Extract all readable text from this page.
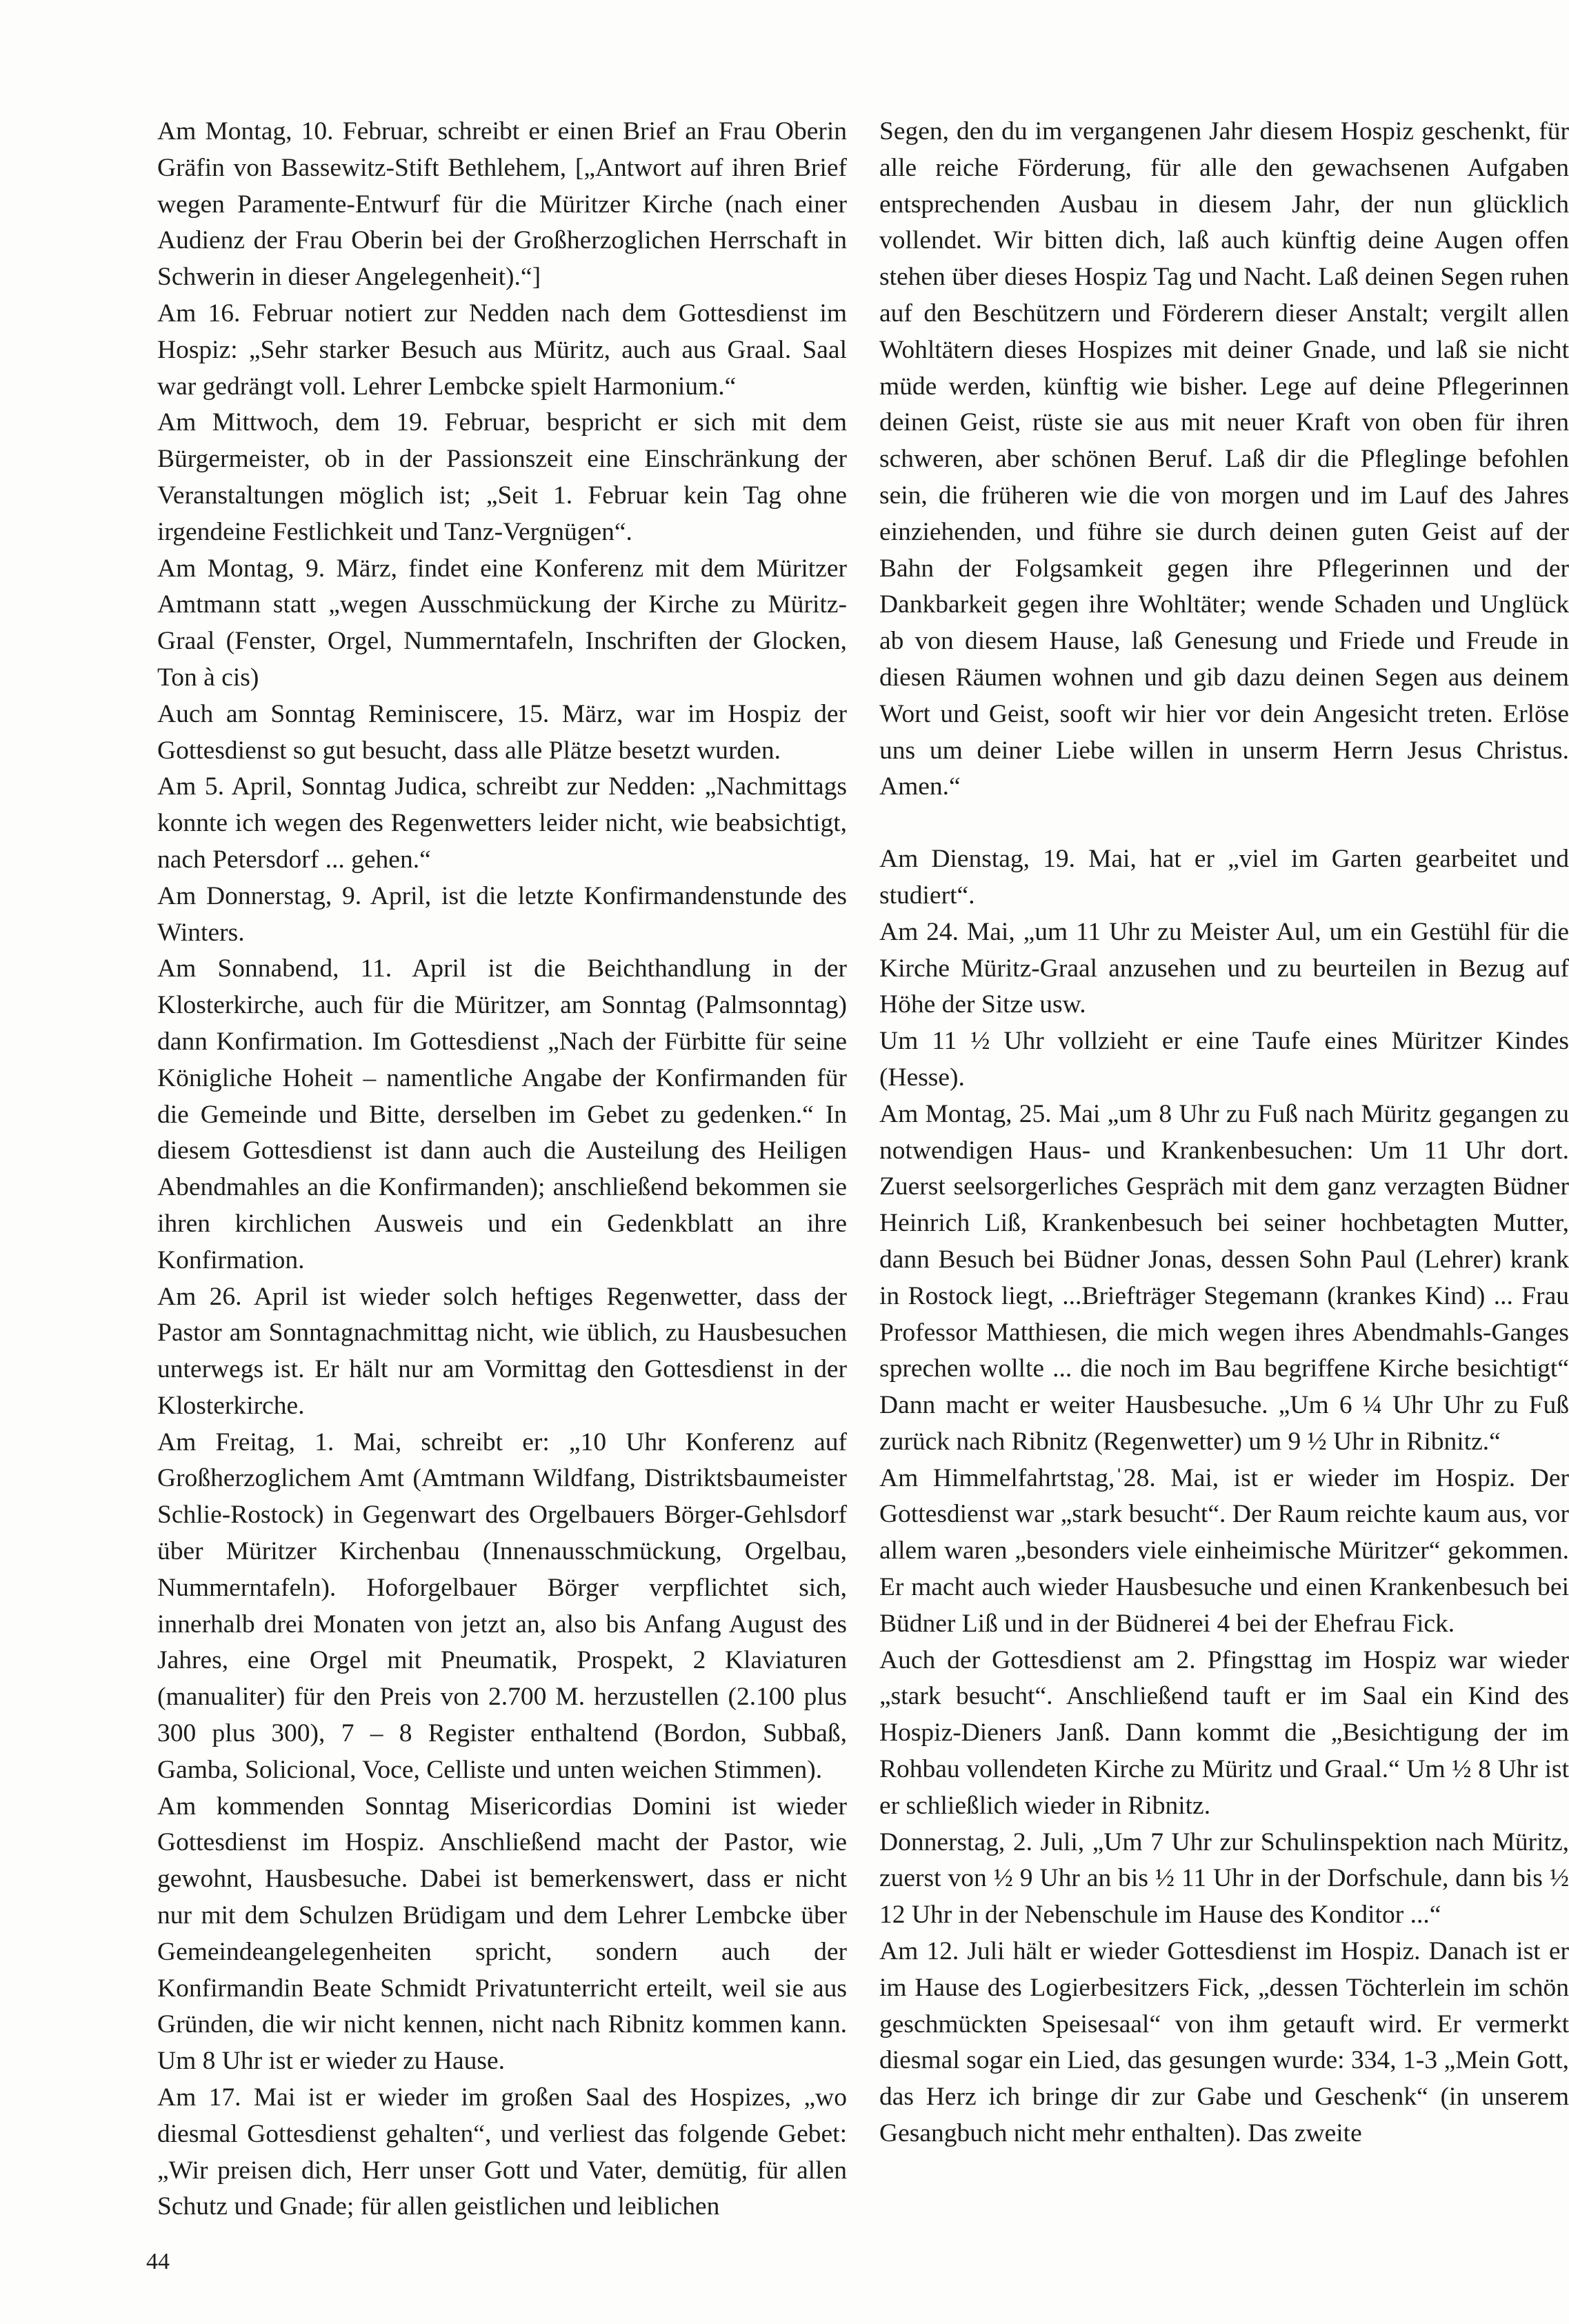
Am Montag, 10. Februar, schreibt er einen Brief an Frau Oberin Gräfin von Bassewitz-Stift Bethlehem, [„Antwort auf ihren Brief wegen Paramente-Entwurf für die Müritzer Kirche (nach einer Audienz der Frau Oberin bei der Großherzoglichen Herrschaft in Schwerin in dieser Angelegenheit).“]

Am 16. Februar notiert zur Nedden nach dem Gottesdienst im Hospiz: „Sehr starker Besuch aus Müritz, auch aus Graal. Saal war gedrängt voll. Lehrer Lembcke spielt Harmonium.“

Am Mittwoch, dem 19. Februar, bespricht er sich mit dem Bürgermeister, ob in der Passionszeit eine Einschränkung der Veranstaltungen möglich ist; „Seit 1. Februar kein Tag ohne irgendeine Festlichkeit und Tanz-Vergnügen“.

Am Montag, 9. März, findet eine Konferenz mit dem Müritzer Amtmann statt „wegen Ausschmückung der Kirche zu Müritz-Graal (Fenster, Orgel, Nummerntafeln, Inschriften der Glocken, Ton à cis)

Auch am Sonntag Reminiscere, 15. März, war im Hospiz der Gottesdienst so gut besucht, dass alle Plätze besetzt wurden.

Am 5. April, Sonntag Judica, schreibt zur Nedden: „Nachmittags konnte ich wegen des Regenwetters leider nicht, wie beabsichtigt, nach Petersdorf ... gehen.“

Am Donnerstag, 9. April, ist die letzte Konfirmandenstunde des Winters.

Am Sonnabend, 11. April ist die Beichthandlung in der Klosterkirche, auch für die Müritzer, am Sonntag (Palmsonntag) dann Konfirmation. Im Gottesdienst „Nach der Fürbitte für seine Königliche Hoheit – namentliche Angabe der Konfirmanden für die Gemeinde und Bitte, derselben im Gebet zu gedenken.“ In diesem Gottesdienst ist dann auch die Austeilung des Heiligen Abendmahles an die Konfirmanden); anschließend bekommen sie ihren kirchlichen Ausweis und ein Gedenkblatt an ihre Konfirmation.

Am 26. April ist wieder solch heftiges Regenwetter, dass der Pastor am Sonntagnachmittag nicht, wie üblich, zu Hausbesuchen unterwegs ist. Er hält nur am Vormittag den Gottesdienst in der Klosterkirche.

Am Freitag, 1. Mai, schreibt er: „10 Uhr Konferenz auf Großherzoglichem Amt (Amtmann Wildfang, Distriktsbaumeister Schlie-Rostock) in Gegenwart des Orgelbauers Börger-Gehlsdorf über Müritzer Kirchenbau (Innenausschmückung, Orgelbau, Nummerntafeln). Hoforgelbauer Börger verpflichtet sich, innerhalb drei Monaten von jetzt an, also bis Anfang August des Jahres, eine Orgel mit Pneumatik, Prospekt, 2 Klaviaturen (manualiter) für den Preis von 2.700 M. herzustellen (2.100 plus 300 plus 300), 7 – 8 Register enthaltend (Bordon, Subbaß, Gamba, Solicional, Voce, Celliste und unten weichen Stimmen).

Am kommenden Sonntag Misericordias Domini ist wieder Gottesdienst im Hospiz. Anschließend macht der Pastor, wie gewohnt, Hausbesuche. Dabei ist bemerkenswert, dass er nicht nur mit dem Schulzen Brüdigam und dem Lehrer Lembcke über Gemeindeangelegenheiten spricht, sondern auch der Konfirmandin Beate Schmidt Privatunterricht erteilt, weil sie aus Gründen, die wir nicht kennen, nicht nach Ribnitz kommen kann. Um 8 Uhr ist er wieder zu Hause.

Am 17. Mai ist er wieder im großen Saal des Hospizes, „wo diesmal Gottesdienst gehalten“, und verliest das folgende Gebet: „Wir preisen dich, Herr unser Gott und Vater, demütig, für allen Schutz und Gnade; für allen geistlichen und leiblichen

Segen, den du im vergangenen Jahr diesem Hospiz geschenkt, für alle reiche Förderung, für alle den gewachsenen Aufgaben entsprechenden Ausbau in diesem Jahr, der nun glücklich vollendet. Wir bitten dich, laß auch künftig deine Augen offen stehen über dieses Hospiz Tag und Nacht. Laß deinen Segen ruhen auf den Beschützern und Förderern dieser Anstalt; vergilt allen Wohltätern dieses Hospizes mit deiner Gnade, und laß sie nicht müde werden, künftig wie bisher. Lege auf deine Pflegerinnen deinen Geist, rüste sie aus mit neuer Kraft von oben für ihren schweren, aber schönen Beruf. Laß dir die Pfleglinge befohlen sein, die früheren wie die von morgen und im Lauf des Jahres einziehenden, und führe sie durch deinen guten Geist auf der Bahn der Folgsamkeit gegen ihre Pflegerinnen und der Dankbarkeit gegen ihre Wohltäter; wende Schaden und Unglück ab von diesem Hause, laß Genesung und Friede und Freude in diesen Räumen wohnen und gib dazu deinen Segen aus deinem Wort und Geist, sooft wir hier vor dein Angesicht treten. Erlöse uns um deiner Liebe willen in unserm Herrn Jesus Christus. Amen.“

Am Dienstag, 19. Mai, hat er „viel im Garten gearbeitet und studiert“.

Am 24. Mai, „um 11 Uhr zu Meister Aul, um ein Gestühl für die Kirche Müritz-Graal anzusehen und zu beurteilen in Bezug auf Höhe der Sitze usw.

Um 11 ½ Uhr vollzieht er eine Taufe eines Müritzer Kindes (Hesse).

Am Montag, 25. Mai „um 8 Uhr zu Fuß nach Müritz gegangen zu notwendigen Haus- und Krankenbesuchen: Um 11 Uhr dort. Zuerst seelsorgerliches Gespräch mit dem ganz verzagten Büdner Heinrich Liß, Krankenbesuch bei seiner hochbetagten Mutter, dann Besuch bei Büdner Jonas, dessen Sohn Paul (Lehrer) krank in Rostock liegt, ...Briefträger Stegemann (krankes Kind) ... Frau Professor Matthiesen, die mich wegen ihres Abendmahls-Ganges sprechen wollte ... die noch im Bau begriffene Kirche besichtigt“ Dann macht er weiter Hausbesuche. „Um 6 ¼ Uhr Uhr zu Fuß zurück nach Ribnitz (Regenwetter) um 9 ½ Uhr in Ribnitz.“

Am Himmelfahrtstag,ˈ28. Mai, ist er wieder im Hospiz. Der Gottesdienst war „stark besucht“. Der Raum reichte kaum aus, vor allem waren „besonders viele einheimische Müritzer“ gekommen. Er macht auch wieder Hausbesuche und einen Krankenbesuch bei Büdner Liß und in der Büdnerei 4 bei der Ehefrau Fick.

Auch der Gottesdienst am 2. Pfingsttag im Hospiz war wieder „stark besucht“. Anschließend tauft er im Saal ein Kind des Hospiz-Dieners Janß. Dann kommt die „Besichtigung der im Rohbau vollendeten Kirche zu Müritz und Graal.“ Um ½ 8 Uhr ist er schließlich wieder in Ribnitz.

Donnerstag, 2. Juli, „Um 7 Uhr zur Schulinspektion nach Müritz, zuerst von ½ 9 Uhr an bis ½ 11 Uhr in der Dorfschule, dann bis ½ 12 Uhr in der Nebenschule im Hause des Konditor ...“

Am 12. Juli hält er wieder Gottesdienst im Hospiz. Danach ist er im Hause des Logierbesitzers Fick, „dessen Töchterlein im schön geschmückten Speisesaal“ von ihm getauft wird. Er vermerkt diesmal sogar ein Lied, das gesungen wurde: 334, 1-3 „Mein Gott, das Herz ich bringe dir zur Gabe und Geschenk“ (in unserem Gesangbuch nicht mehr enthalten). Das zweite

44
